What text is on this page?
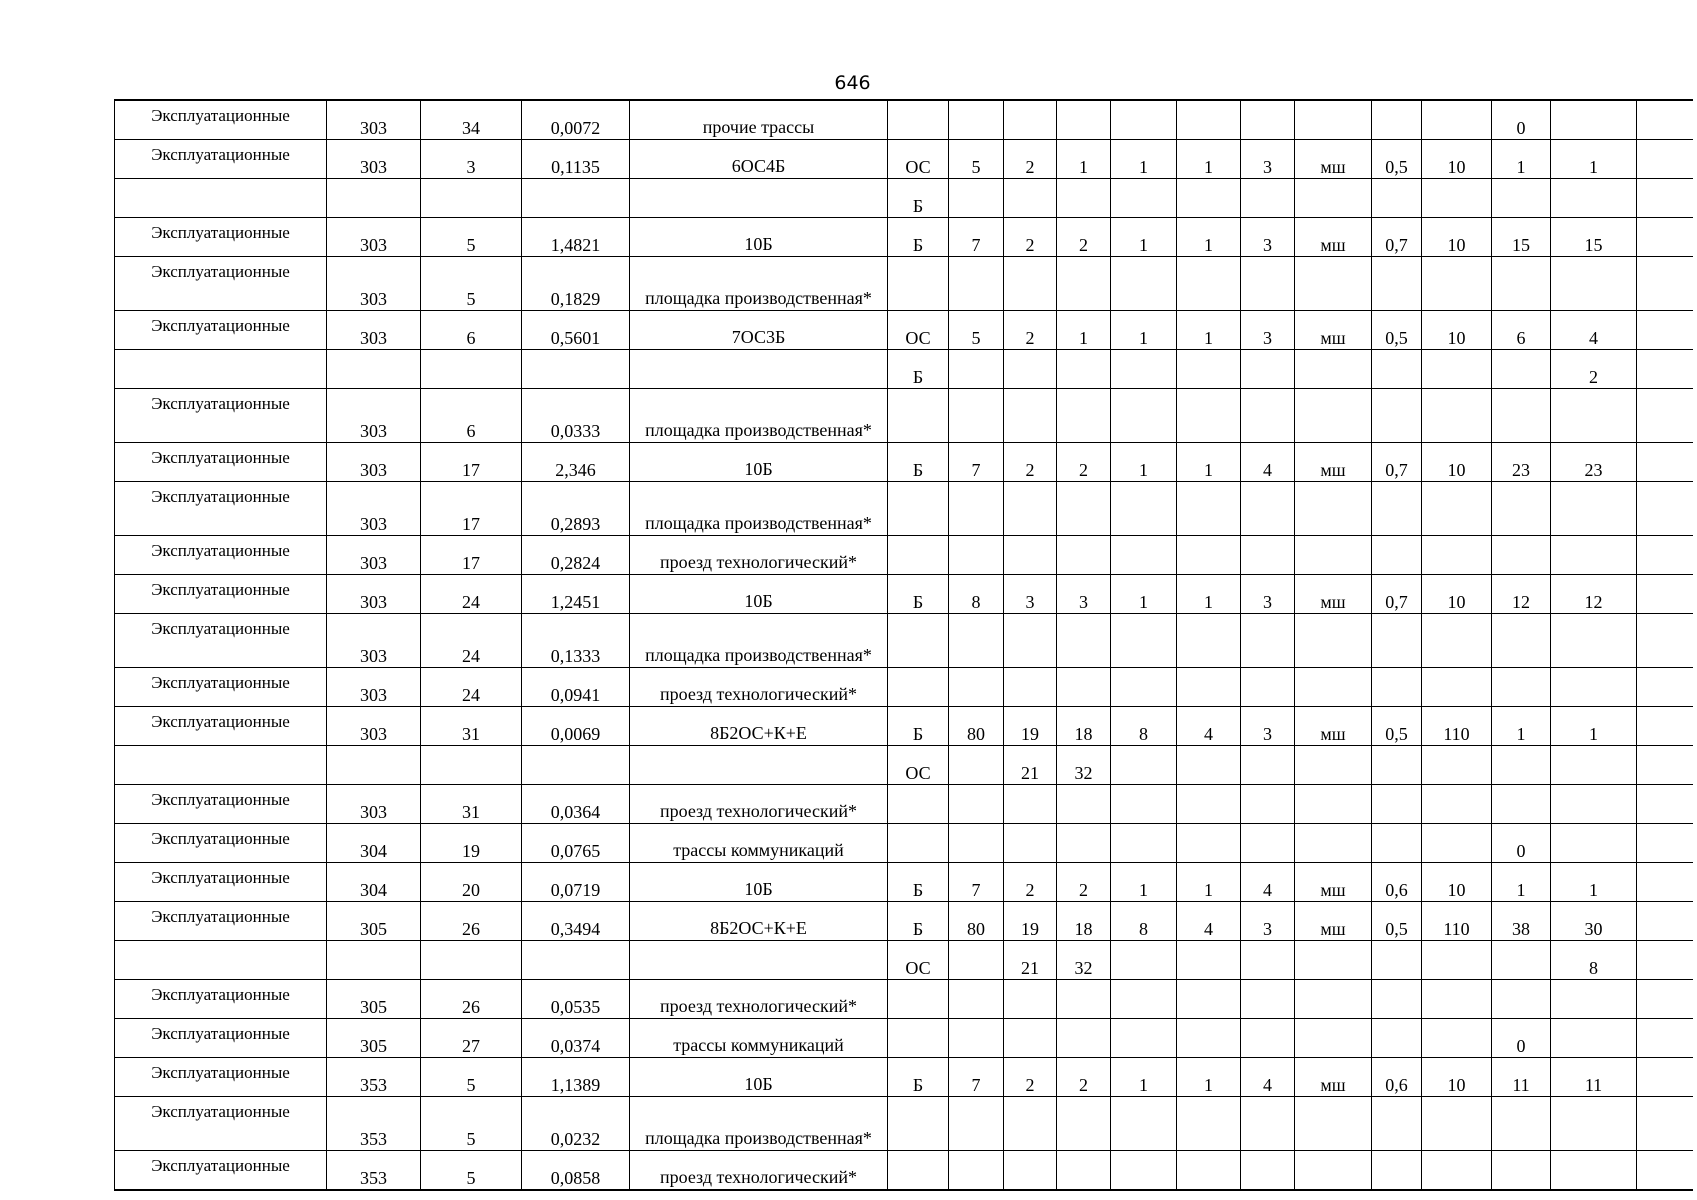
646
Эксплуатационные	303	34	0,0072	прочие трассы											0		
Эксплуатационные	303	3	0,1135	6ОС4Б	ОС	5	2	1	1	1	3	мш	0,5	10	1	1	
					Б												
Эксплуатационные	303	5	1,4821	10Б	Б	7	2	2	1	1	3	мш	0,7	10	15	15	
Эксплуатационные	303	5	0,1829	площадка производственная*													
Эксплуатационные	303	6	0,5601	7ОС3Б	ОС	5	2	1	1	1	3	мш	0,5	10	6	4	
					Б											2	
Эксплуатационные	303	6	0,0333	площадка производственная*													
Эксплуатационные	303	17	2,346	10Б	Б	7	2	2	1	1	4	мш	0,7	10	23	23	
Эксплуатационные	303	17	0,2893	площадка производственная*													
Эксплуатационные	303	17	0,2824	проезд технологический*													
Эксплуатационные	303	24	1,2451	10Б	Б	8	3	3	1	1	3	мш	0,7	10	12	12	
Эксплуатационные	303	24	0,1333	площадка производственная*													
Эксплуатационные	303	24	0,0941	проезд технологический*													
Эксплуатационные	303	31	0,0069	8Б2ОС+К+Е	Б	80	19	18	8	4	3	мш	0,5	110	1	1	
					ОС		21	32									
Эксплуатационные	303	31	0,0364	проезд технологический*													
Эксплуатационные	304	19	0,0765	трассы коммуникаций											0		
Эксплуатационные	304	20	0,0719	10Б	Б	7	2	2	1	1	4	мш	0,6	10	1	1	
Эксплуатационные	305	26	0,3494	8Б2ОС+К+Е	Б	80	19	18	8	4	3	мш	0,5	110	38	30	
					ОС		21	32								8	
Эксплуатационные	305	26	0,0535	проезд технологический*													
Эксплуатационные	305	27	0,0374	трассы коммуникаций											0		
Эксплуатационные	353	5	1,1389	10Б	Б	7	2	2	1	1	4	мш	0,6	10	11	11	
Эксплуатационные	353	5	0,0232	площадка производственная*													
Эксплуатационные	353	5	0,0858	проезд технологический*													
